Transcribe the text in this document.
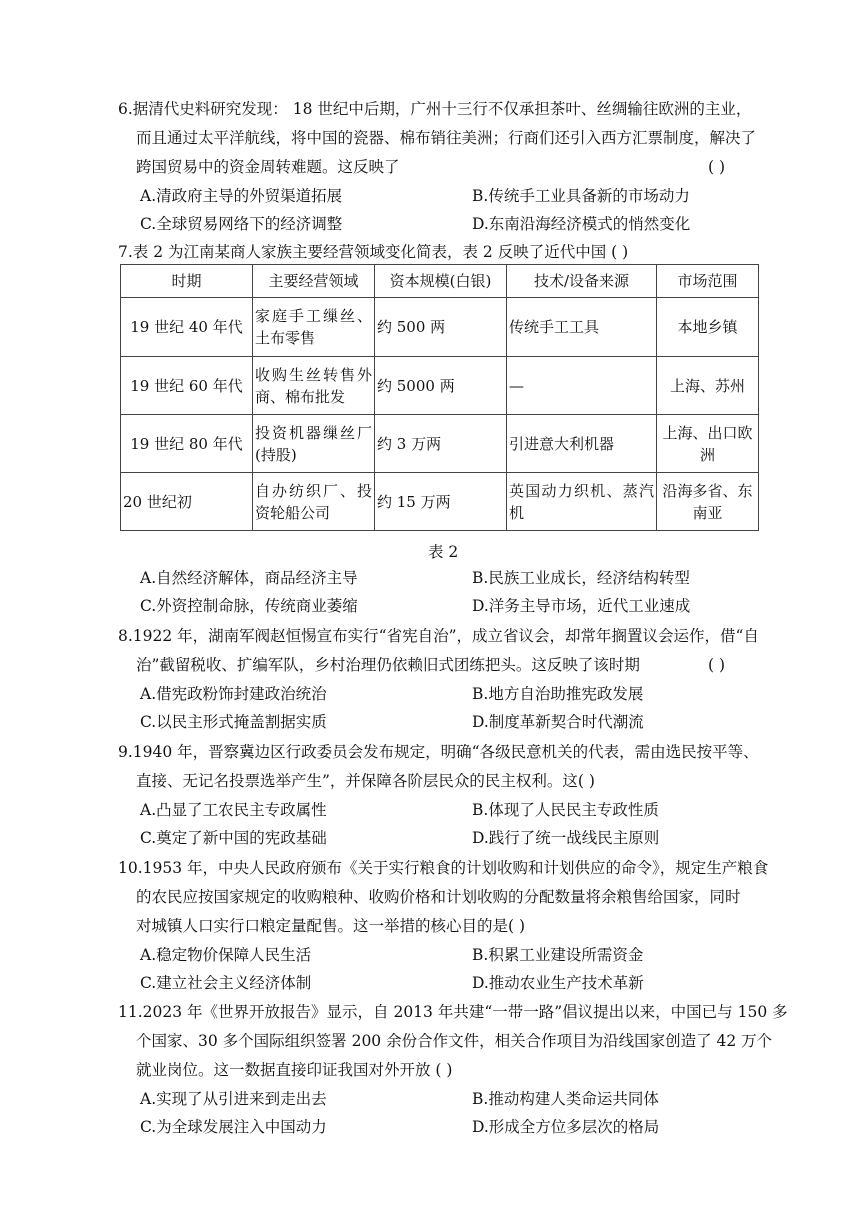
6.据清代史料研究发现： 18 世纪中后期，广州十三行不仅承担茶叶、丝绸输往欧洲的主业，
而且通过太平洋航线，将中国的瓷器、棉布销往美洲；行商们还引入西方汇票制度，解决了
跨国贸易中的资金周转难题。这反映了	( )
A.清政府主导的外贸渠道拓展	B.传统手工业具备新的市场动力
C.全球贸易网络下的经济调整	D.东南沿海经济模式的悄然变化
7.表 2 为江南某商人家族主要经营领域变化简表，表 2 反映了近代中国 ( )
时期	主要经营领域	资本规模(白银)	技术/设备来源	市场范围
19 世纪 40 年代	家庭手工缫丝、土布零售	约 500 两	传统手工工具	本地乡镇
19 世纪 60 年代	收购生丝转售外商、棉布批发	约 5000 两	—	上海、苏州
19 世纪 80 年代	投资机器缫丝厂(持股)	约 3 万两	引进意大利机器	上海、出口欧洲
20 世纪初	自办纺织厂、投资轮船公司	约 15 万两	英国动力织机、蒸汽机	沿海多省、东南亚
表 2
A.自然经济解体，商品经济主导	B.民族工业成长，经济结构转型
C.外资控制命脉，传统商业萎缩	D.洋务主导市场，近代工业速成
8.1922 年，湖南军阀赵恒惕宣布实行“省宪自治”，成立省议会，却常年搁置议会运作，借“自
治”截留税收、扩编军队，乡村治理仍依赖旧式团练把头。这反映了该时期	( )
A.借宪政粉饰封建政治统治	B.地方自治助推宪政发展
C.以民主形式掩盖割据实质	D.制度革新契合时代潮流
9.1940 年，晋察冀边区行政委员会发布规定，明确“各级民意机关的代表，需由选民按平等、
直接、无记名投票选举产生”，并保障各阶层民众的民主权利。这( )
A.凸显了工农民主专政属性	B.体现了人民民主专政性质
C.奠定了新中国的宪政基础	D.践行了统一战线民主原则
10.1953 年，中央人民政府颁布《关于实行粮食的计划收购和计划供应的命令》，规定生产粮食
的农民应按国家规定的收购粮种、收购价格和计划收购的分配数量将余粮售给国家，同时
对城镇人口实行口粮定量配售。这一举措的核心目的是( )
A.稳定物价保障人民生活	B.积累工业建设所需资金
C.建立社会主义经济体制	D.推动农业生产技术革新
11.2023 年《世界开放报告》显示，自 2013 年共建“一带一路”倡议提出以来，中国已与 150 多
个国家、30 多个国际组织签署 200 余份合作文件，相关合作项目为沿线国家创造了 42 万个
就业岗位。这一数据直接印证我国对外开放 ( )
A.实现了从引进来到走出去	B.推动构建人类命运共同体
C.为全球发展注入中国动力	D.形成全方位多层次的格局
